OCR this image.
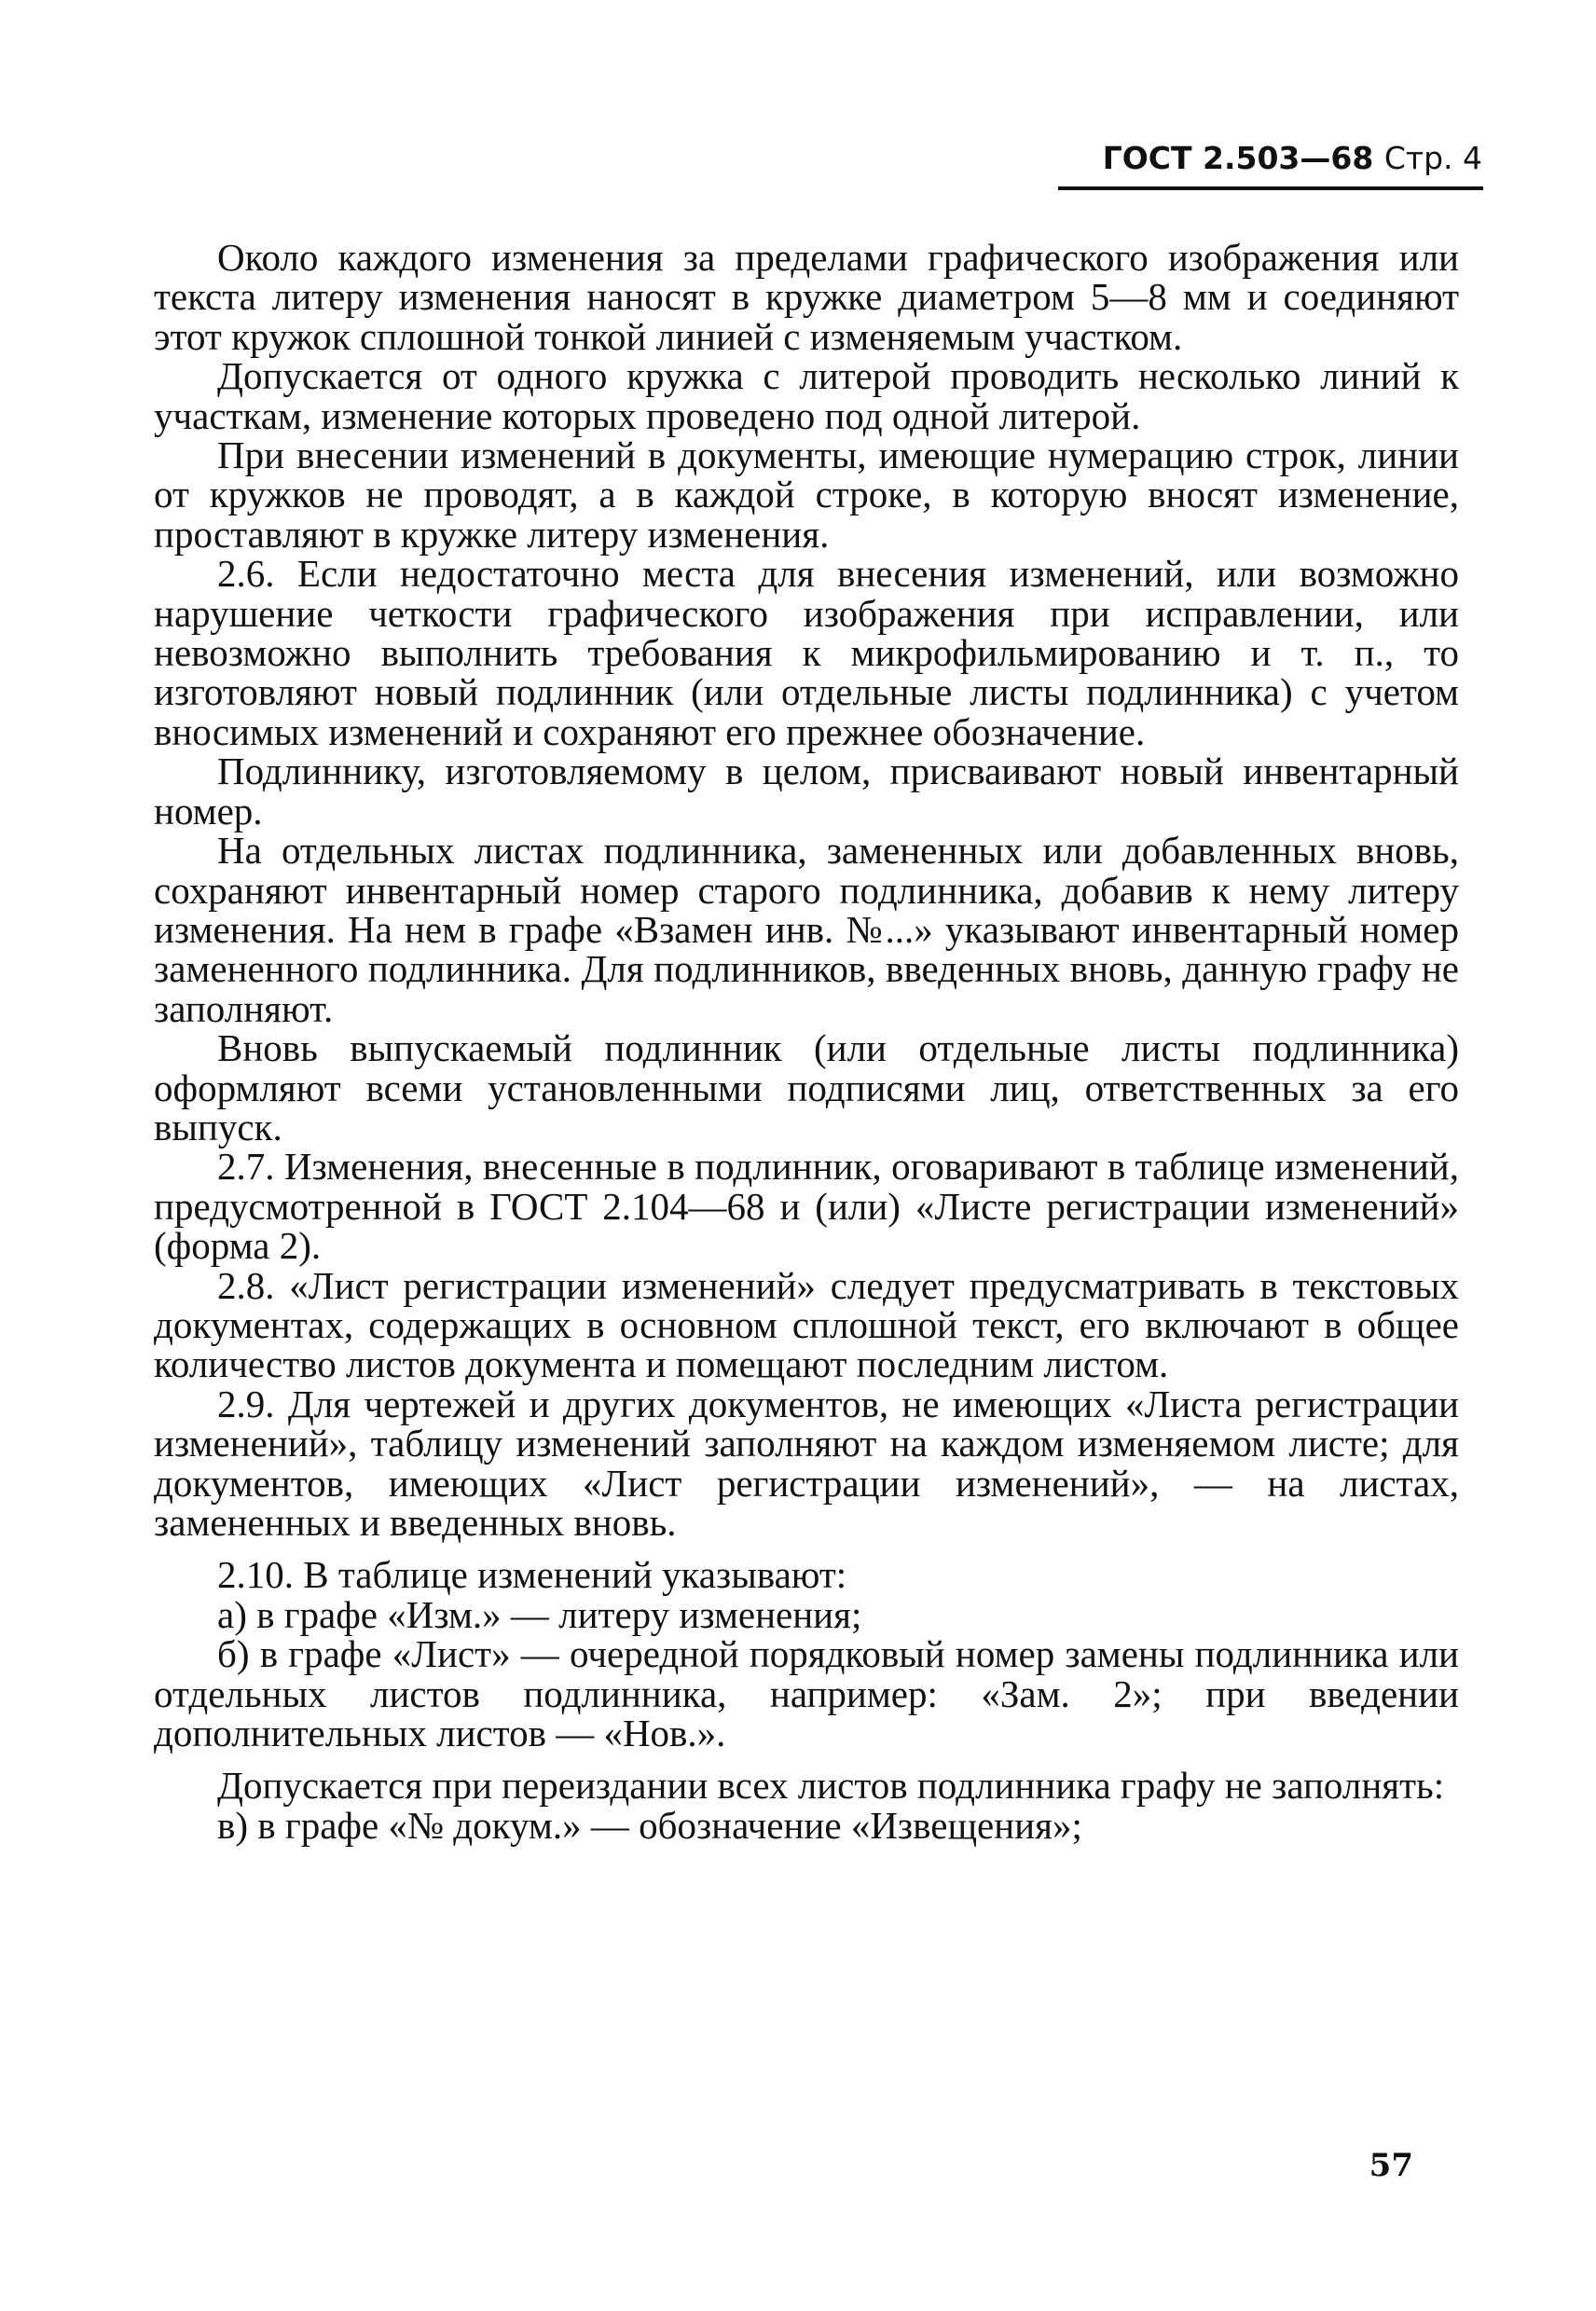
ГОСТ 2.503—68 Стр. 4

Около каждого изменения за пределами графического изображения или текста литеру изменения наносят в кружке диаметром 5—8 мм и соединяют этот кружок сплошной тонкой линией с изменяемым участком.

Допускается от одного кружка с литерой проводить несколько линий к участкам, изменение которых проведено под одной литерой.

При внесении изменений в документы, имеющие нумерацию строк, линии от кружков не проводят, а в каждой строке, в которую вносят изменение, проставляют в кружке литеру изменения.

2.6. Если недостаточно места для внесения изменений, или возможно нарушение четкости графического изображения при исправлении, или невозможно выполнить требования к микрофильмированию и т. п., то изготовляют новый подлинник (или отдельные листы подлинника) с учетом вносимых изменений и сохраняют его прежнее обозначение.

Подлиннику, изготовляемому в целом, присваивают новый инвентарный номер.

На отдельных листах подлинника, замененных или добавленных вновь, сохраняют инвентарный номер старого подлинника, добавив к нему литеру изменения. На нем в графе «Взамен инв. №...» указывают инвентарный номер замененного подлинника. Для подлинников, введенных вновь, данную графу не заполняют.

Вновь выпускаемый подлинник (или отдельные листы подлинника) оформляют всеми установленными подписями лиц, ответственных за его выпуск.

2.7. Изменения, внесенные в подлинник, оговаривают в таблице изменений, предусмотренной в ГОСТ 2.104—68 и (или) «Листе регистрации изменений» (форма 2).

2.8. «Лист регистрации изменений» следует предусматривать в текстовых документах, содержащих в основном сплошной текст, его включают в общее количество листов документа и помещают последним листом.

2.9. Для чертежей и других документов, не имеющих «Листа регистрации изменений», таблицу изменений заполняют на каждом изменяемом листе; для документов, имеющих «Лист регистрации изменений», — на листах, замененных и введенных вновь.

2.10. В таблице изменений указывают:

а) в графе «Изм.» — литеру изменения;

б) в графе «Лист» — очередной порядковый номер замены подлинника или отдельных листов подлинника, например: «Зам. 2»; при введении дополнительных листов — «Нов.».

Допускается при переиздании всех листов подлинника графу не заполнять:

в) в графе «№ докум.» — обозначение «Извещения»;

57
